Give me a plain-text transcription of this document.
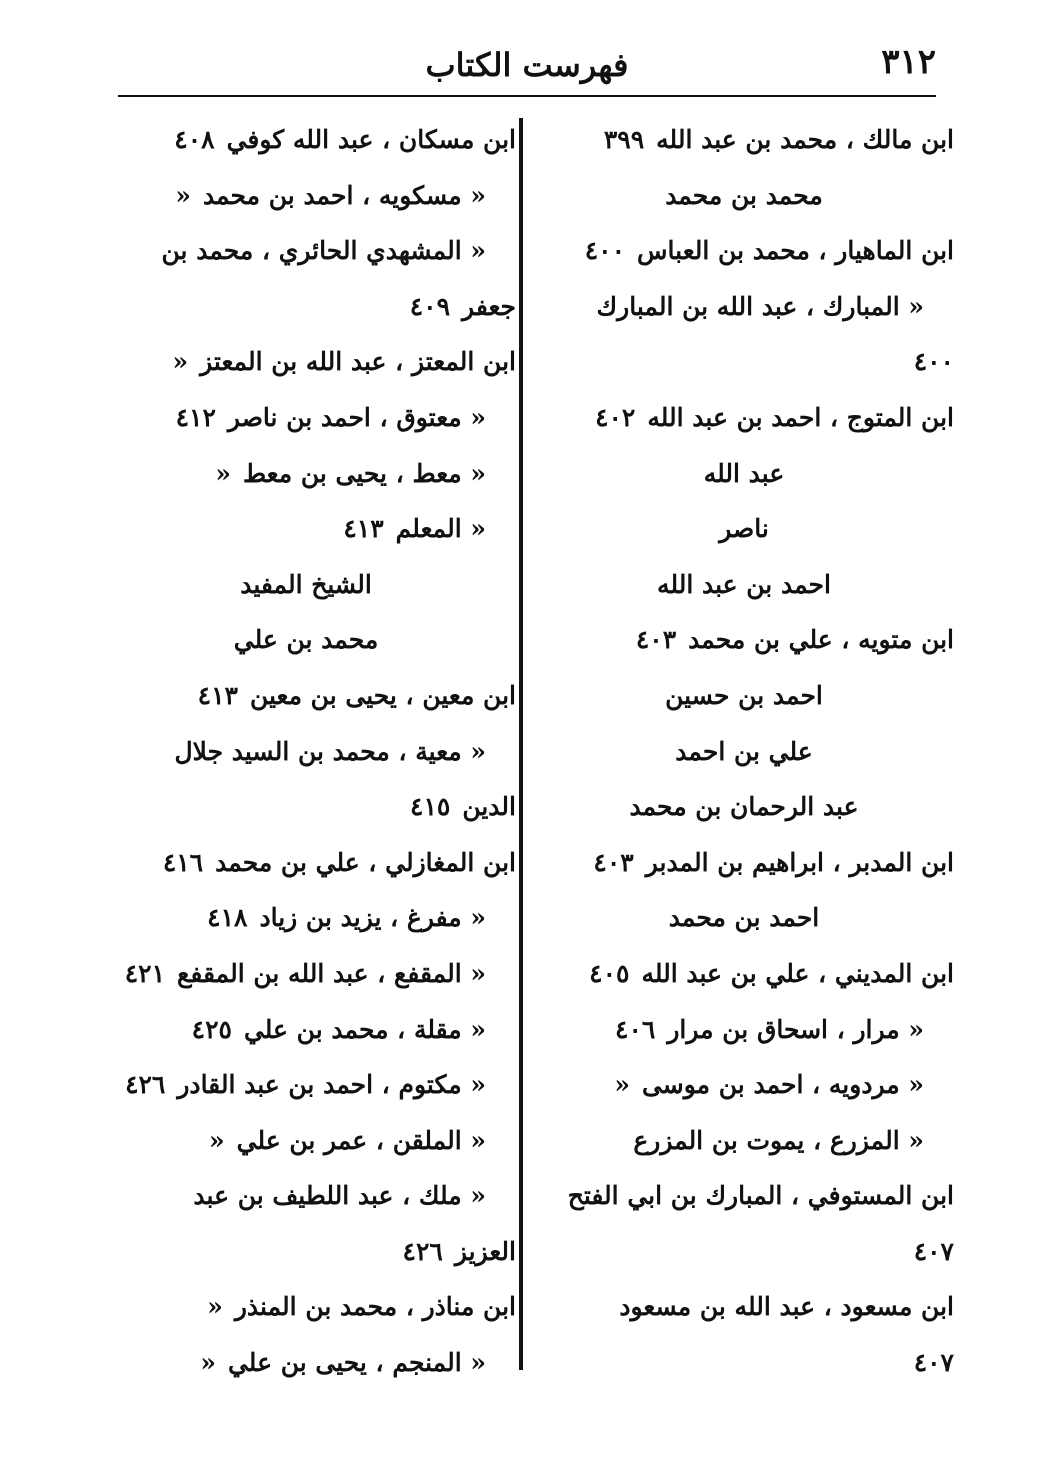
٣١٢
فهرست الكتاب
ابن مالك ، محمد بن عبد الله٣٩٩
محمد بن محمد
ابن الماهيار ، محمد بن العباس٤٠٠
« المبارك ، عبد الله بن المبارك
٤٠٠
ابن المتوج ، احمد بن عبد الله٤٠٢
عبد الله
ناصر
احمد بن عبد الله
ابن متويه ، علي بن محمد٤٠٣
احمد بن حسين
علي بن احمد
عبد الرحمان بن محمد
ابن المدبر ، ابراهيم بن المدبر٤٠٣
احمد بن محمد
ابن المديني ، علي بن عبد الله٤٠٥
« مرار ، اسحاق بن مرار٤٠٦
« مردويه ، احمد بن موسى«
« المزرع ، يموت بن المزرع
ابن المستوفي ، المبارك بن ابي الفتح
٤٠٧
ابن مسعود ، عبد الله بن مسعود
٤٠٧
ابن مسكان ، عبد الله كوفي٤٠٨
« مسكويه ، احمد بن محمد«
« المشهدي الحائري ، محمد بن
جعفر٤٠٩
ابن المعتز ، عبد الله بن المعتز«
« معتوق ، احمد بن ناصر٤١٢
« معط ، يحيى بن معط«
« المعلم٤١٣
الشيخ المفيد
محمد بن علي
ابن معين ، يحيى بن معين٤١٣
« معية ، محمد بن السيد جلال
الدين٤١٥
ابن المغازلي ، علي بن محمد٤١٦
« مفرغ ، يزيد بن زياد٤١٨
« المقفع ، عبد الله بن المقفع٤٢١
« مقلة ، محمد بن علي٤٢٥
« مكتوم ، احمد بن عبد القادر٤٢٦
« الملقن ، عمر بن علي«
« ملك ، عبد اللطيف بن عبد
العزيز٤٢٦
ابن مناذر ، محمد بن المنذر«
« المنجم ، يحيى بن علي«
